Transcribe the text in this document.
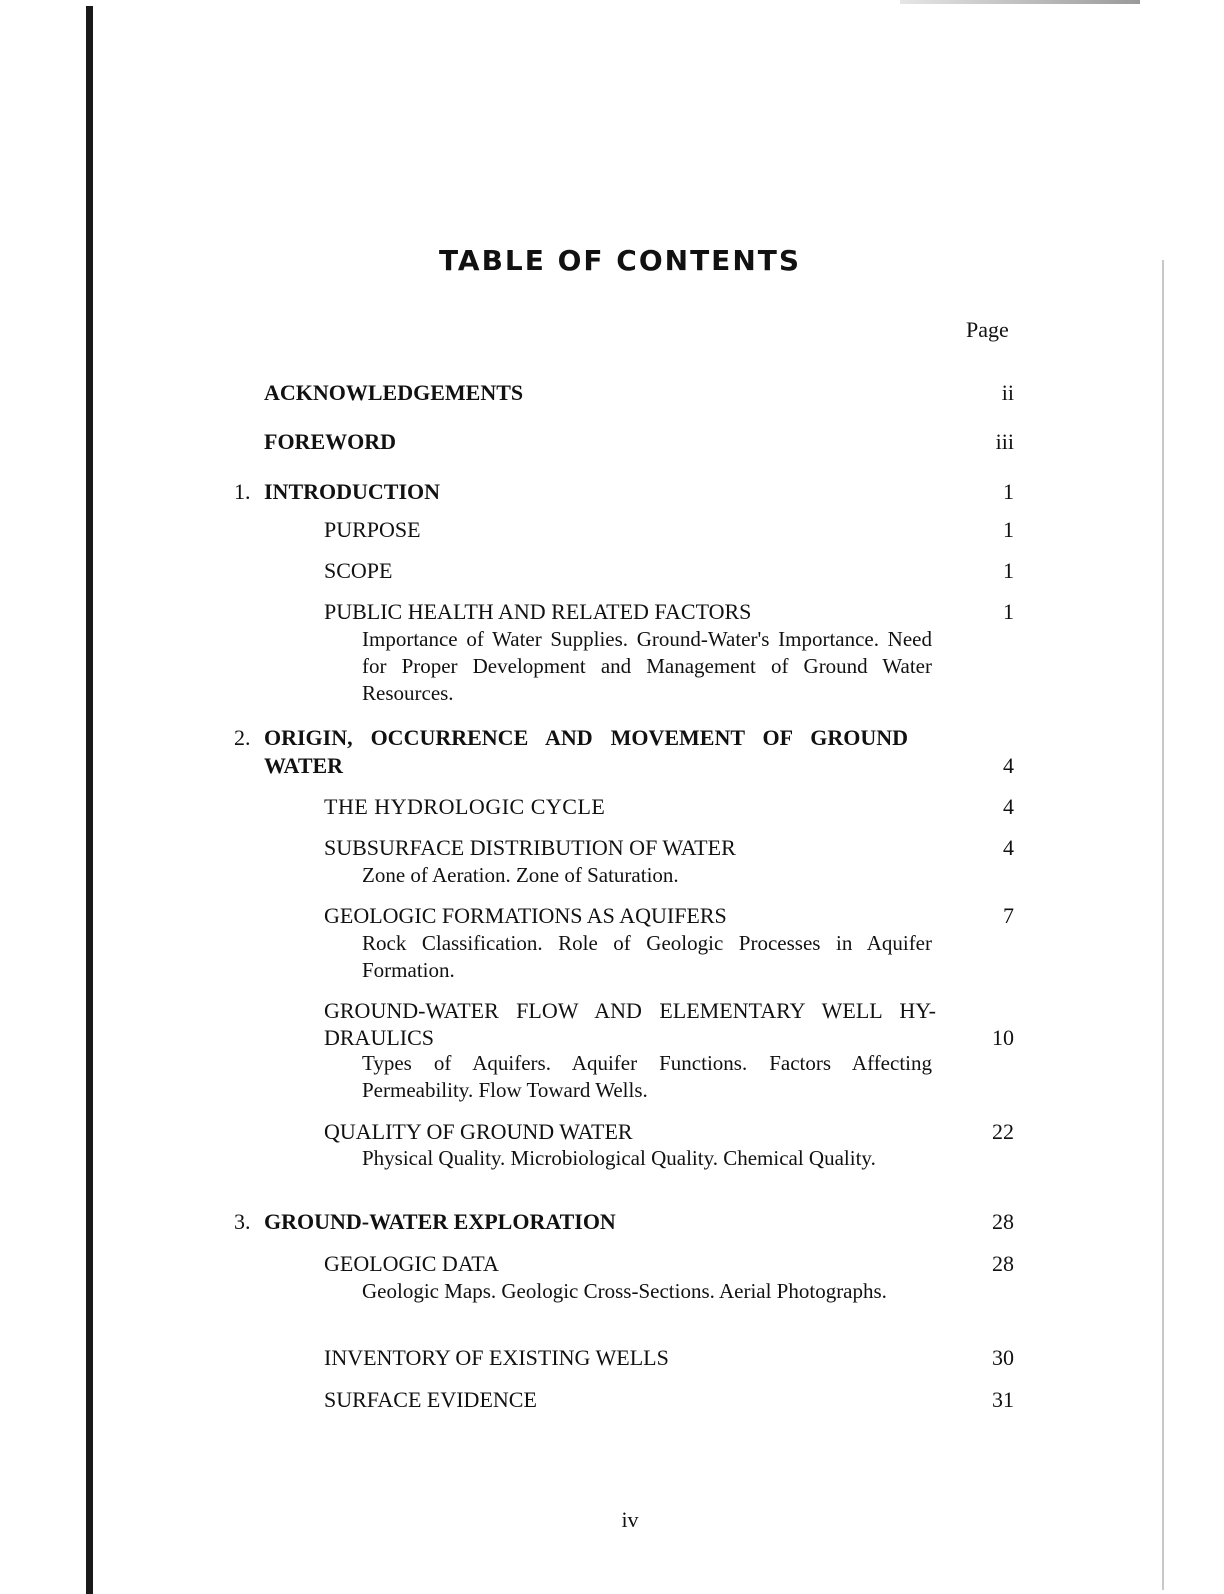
TABLE OF CONTENTS
Page
ACKNOWLEDGEMENTS	ii
FOREWORD	iii
1. INTRODUCTION	1
PURPOSE	1
SCOPE	1
PUBLIC HEALTH AND RELATED FACTORS	1
Importance of Water Supplies. Ground-Water's Importance. Need for Proper Development and Management of Ground Water Resources.
2. ORIGIN, OCCURRENCE AND MOVEMENT OF GROUND
WATER	4
THE HYDROLOGIC CYCLE	4
SUBSURFACE DISTRIBUTION OF WATER	4
Zone of Aeration. Zone of Saturation.
GEOLOGIC FORMATIONS AS AQUIFERS	7
Rock Classification. Role of Geologic Processes in Aquifer Formation.
GROUND-WATER FLOW AND ELEMENTARY WELL HY-
DRAULICS	10
Types of Aquifers. Aquifer Functions. Factors Affecting Permeability. Flow Toward Wells.
QUALITY OF GROUND WATER	22
Physical Quality. Microbiological Quality. Chemical Quality.
3. GROUND-WATER EXPLORATION	28
GEOLOGIC DATA	28
Geologic Maps. Geologic Cross-Sections. Aerial Photographs.
INVENTORY OF EXISTING WELLS	30
SURFACE EVIDENCE	31
iv
